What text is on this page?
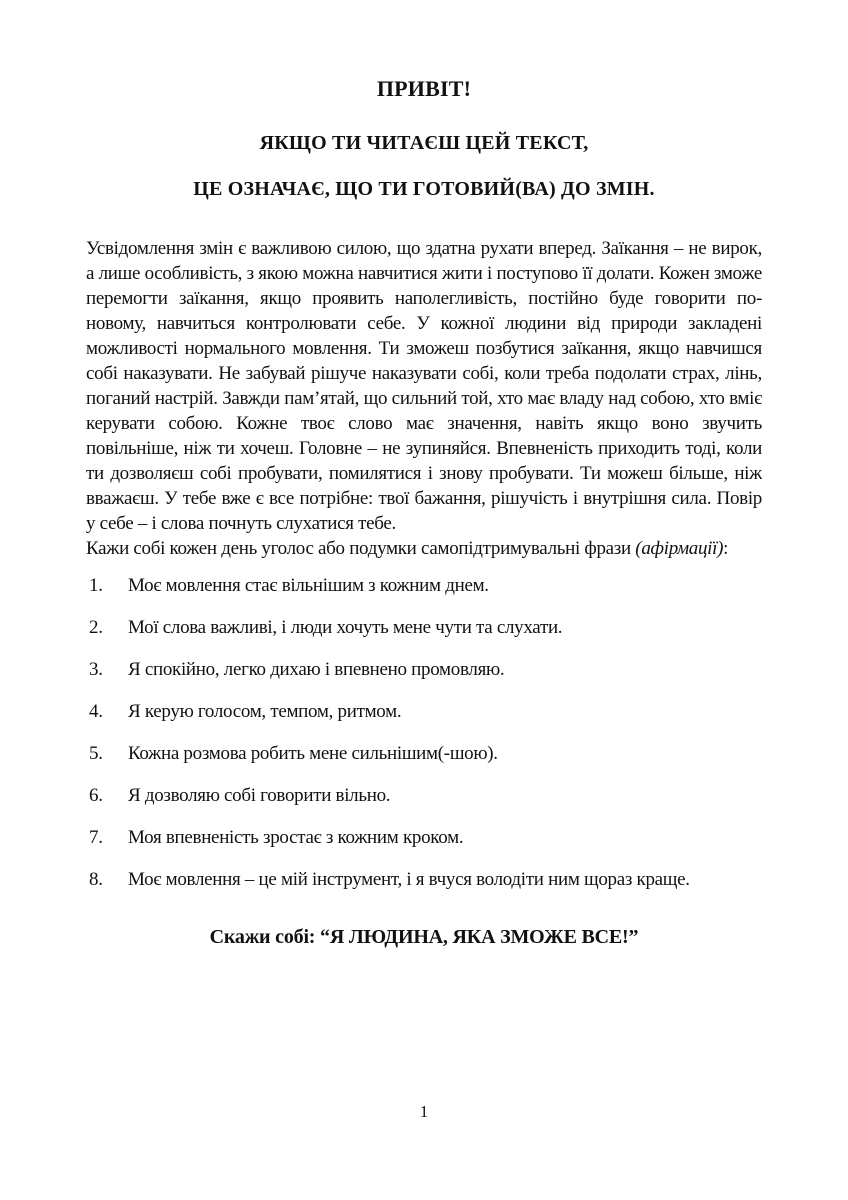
ПРИВІТ!
ЯКЩО ТИ ЧИТАЄШ ЦЕЙ ТЕКСТ,
ЦЕ ОЗНАЧАЄ, ЩО ТИ ГОТОВИЙ(ВА) ДО ЗМІН.

Усвідомлення змін є важливою силою, що здатна рухати вперед. Заїкання – не вирок, а лише особливість, з якою можна навчитися жити і поступово її долати. Кожен зможе перемогти заїкання, якщо проявить наполегливість, постійно буде говорити по-новому, навчиться контролювати себе. У кожної людини від природи закладені можливості нормального мовлення. Ти зможеш позбутися заїкання, якщо навчишся собі наказувати. Не забувай рішуче наказувати собі, коли треба подолати страх, лінь, поганий настрій. Завжди пам’ятай, що сильний той, хто має владу над собою, хто вміє керувати собою. Кожне твоє слово має значення, навіть якщо воно звучить повільніше, ніж ти хочеш. Головне – не зупиняйся. Впевненість приходить тоді, коли ти дозволяєш собі пробувати, помилятися і знову пробувати. Ти можеш більше, ніж вважаєш. У тебе вже є все потрібне: твої бажання, рішучість і внутрішня сила. Повір у себе – і слова почнуть слухатися тебе.

Кажи собі кожен день уголос або подумки самопідтримувальні фрази (афірмації):

1. Моє мовлення стає вільнішим з кожним днем.
2. Мої слова важливі, і люди хочуть мене чути та слухати.
3. Я спокійно, легко дихаю і впевнено промовляю.
4. Я керую голосом, темпом, ритмом.
5. Кожна розмова робить мене сильнішим(-шою).
6. Я дозволяю собі говорити вільно.
7. Моя впевненість зростає з кожним кроком.
8. Моє мовлення – це мій інструмент, і я вчуся володіти ним щораз краще.

Скажи собі: “Я ЛЮДИНА, ЯКА ЗМОЖЕ ВСЕ!”

1
